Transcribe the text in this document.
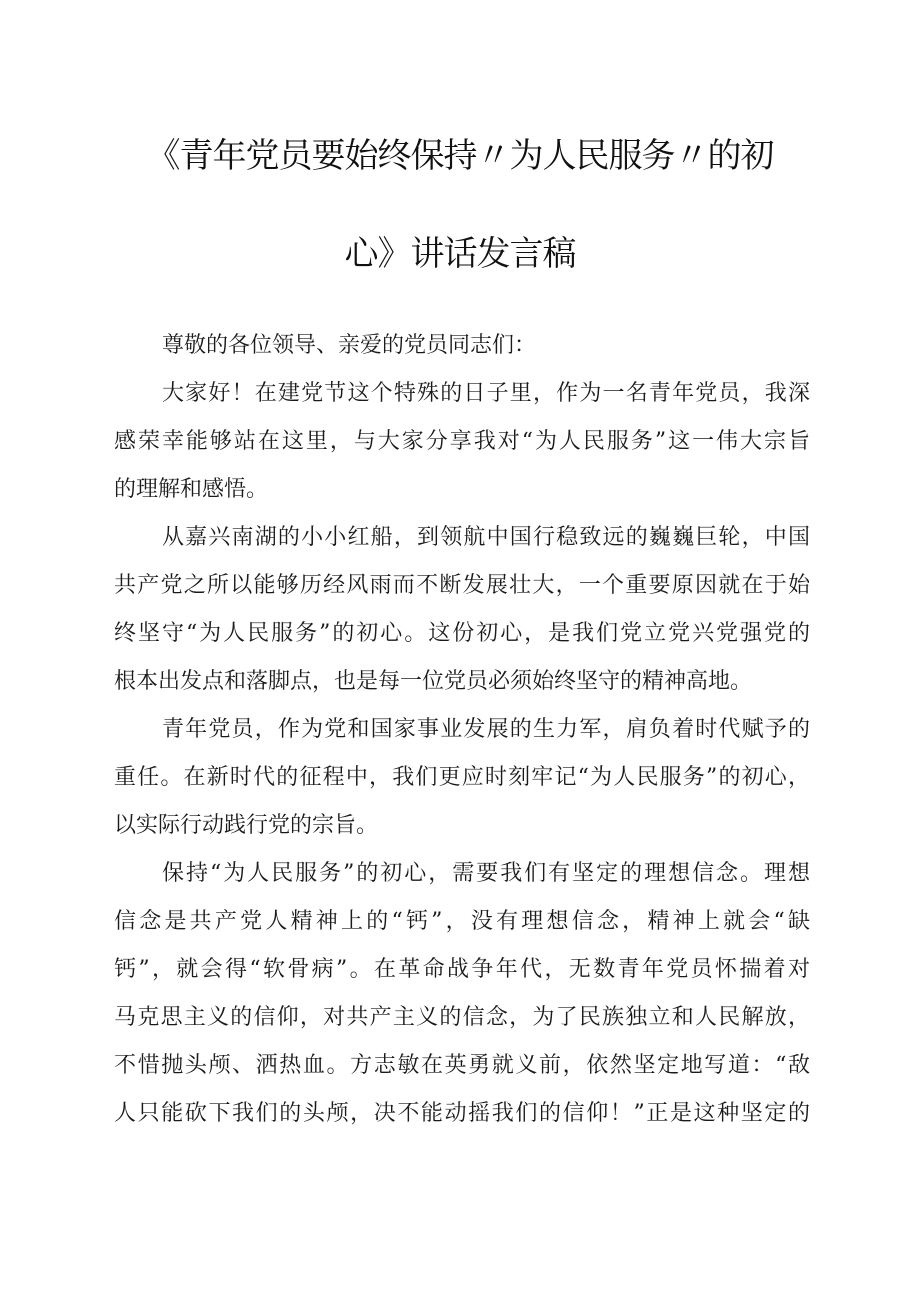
《青年党员要始终保持〃为人民服务〃的初
心》讲话发言稿
尊敬的各位领导、亲爱的党员同志们：
大家好！在建党节这个特殊的日子里，作为一名青年党员，我深
感荣幸能够站在这里，与大家分享我对“为人民服务”这一伟大宗旨
的理解和感悟。
从嘉兴南湖的小小红船，到领航中国行稳致远的巍巍巨轮，中国
共产党之所以能够历经风雨而不断发展壮大，一个重要原因就在于始
终坚守“为人民服务”的初心。这份初心，是我们党立党兴党强党的
根本出发点和落脚点，也是每一位党员必须始终坚守的精神高地。
青年党员，作为党和国家事业发展的生力军，肩负着时代赋予的
重任。在新时代的征程中，我们更应时刻牢记“为人民服务”的初心，
以实际行动践行党的宗旨。
保持“为人民服务”的初心，需要我们有坚定的理想信念。理想
信念是共产党人精神上的“钙”，没有理想信念，精神上就会“缺
钙”，就会得“软骨病”。在革命战争年代，无数青年党员怀揣着对
马克思主义的信仰，对共产主义的信念，为了民族独立和人民解放，
不惜抛头颅、洒热血。方志敏在英勇就义前，依然坚定地写道：“敌
人只能砍下我们的头颅，决不能动摇我们的信仰！”正是这种坚定的
